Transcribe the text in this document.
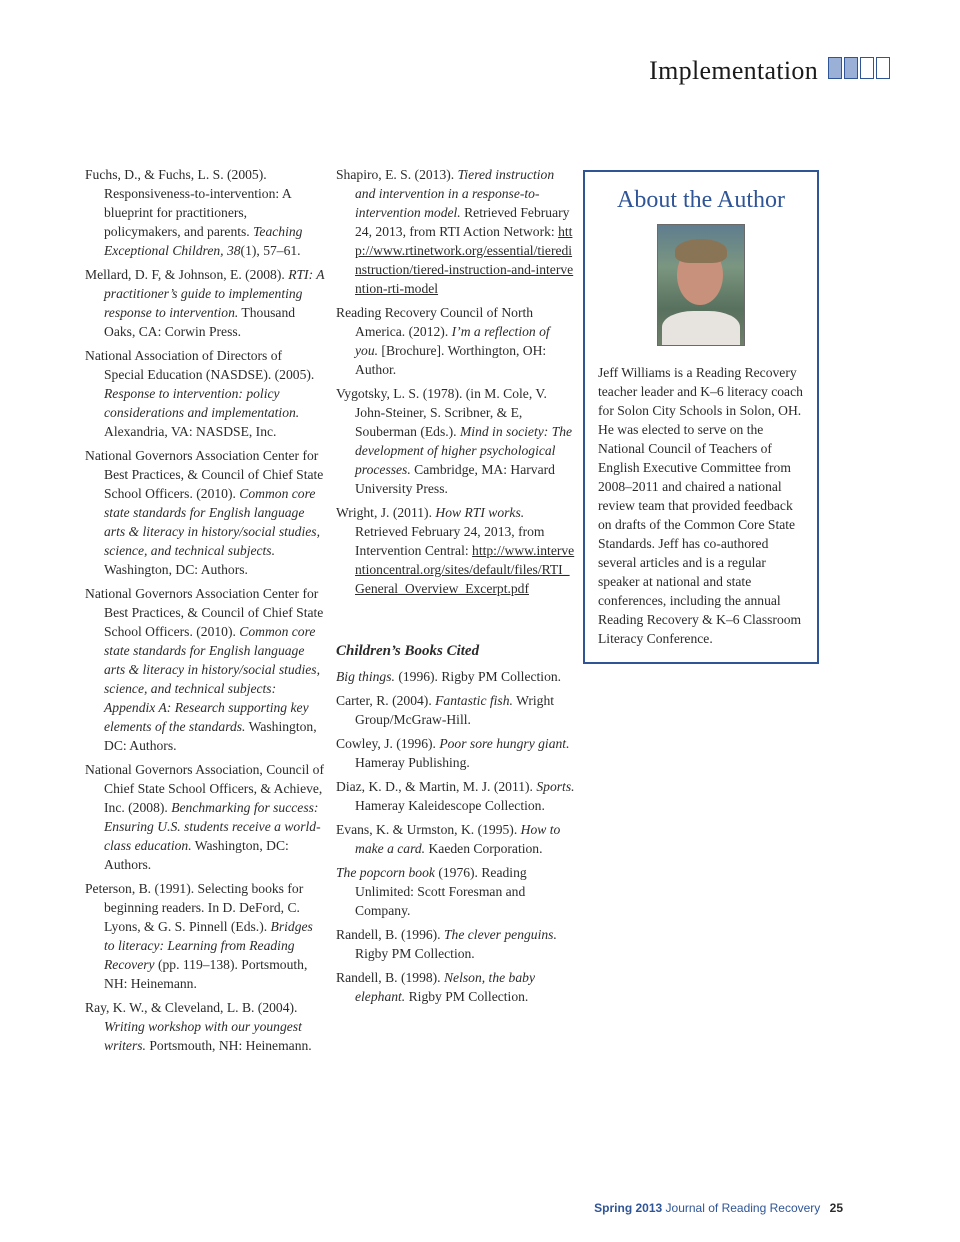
Implementation
Fuchs, D., & Fuchs, L. S. (2005). Responsiveness-to-intervention: A blueprint for practitioners, policymakers, and parents. Teaching Exceptional Children, 38(1), 57–61.
Mellard, D. F, & Johnson, E. (2008). RTI: A practitioner’s guide to implementing response to intervention. Thousand Oaks, CA: Corwin Press.
National Association of Directors of Special Education (NASDSE). (2005). Response to intervention: policy considerations and implementation. Alexandria, VA: NASDSE, Inc.
National Governors Association Center for Best Practices, & Council of Chief State School Officers. (2010). Common core state standards for English language arts & literacy in history/social studies, science, and technical subjects. Washington, DC: Authors.
National Governors Association Center for Best Practices, & Council of Chief State School Officers. (2010). Common core state standards for English language arts & literacy in history/social studies, science, and technical subjects: Appendix A: Research supporting key elements of the standards. Washington, DC: Authors.
National Governors Association, Council of Chief State School Officers, & Achieve, Inc. (2008). Benchmarking for success: Ensuring U.S. students receive a world-class education. Washington, DC: Authors.
Peterson, B. (1991). Selecting books for beginning readers. In D. DeFord, C. Lyons, & G. S. Pinnell (Eds.). Bridges to literacy: Learning from Reading Recovery (pp. 119–138). Portsmouth, NH: Heinemann.
Ray, K. W., & Cleveland, L. B. (2004). Writing workshop with our youngest writers. Portsmouth, NH: Heinemann.
Shapiro, E. S. (2013). Tiered instruction and intervention in a response-to-intervention model. Retrieved February 24, 2013, from RTI Action Network: http://www.rtinetwork.org/essential/tieredinstruction/tiered-instruction-and-intervention-rti-model
Reading Recovery Council of North America. (2012). I’m a reflection of you. [Brochure]. Worthington, OH: Author.
Vygotsky, L. S. (1978). (in M. Cole, V. John-Steiner, S. Scribner, & E, Souberman (Eds.). Mind in society: The development of higher psychological processes. Cambridge, MA: Harvard University Press.
Wright, J. (2011). How RTI works. Retrieved February 24, 2013, from Intervention Central: http://www.interventioncentral.org/sites/default/files/RTI_General_Overview_Excerpt.pdf
Children’s Books Cited
Big things. (1996). Rigby PM Collection.
Carter, R. (2004). Fantastic fish. Wright Group/McGraw-Hill.
Cowley, J. (1996). Poor sore hungry giant. Hameray Publishing.
Diaz, K. D., & Martin, M. J. (2011). Sports. Hameray Kaleidescope Collection.
Evans, K. & Urmston, K. (1995). How to make a card. Kaeden Corporation.
The popcorn book (1976). Reading Unlimited: Scott Foresman and Company.
Randell, B. (1996). The clever penguins. Rigby PM Collection.
Randell, B. (1998). Nelson, the baby elephant. Rigby PM Collection.
About the Author
Jeff Williams is a Reading Recovery teacher leader and K–6 literacy coach for Solon City Schools in Solon, OH. He was elected to serve on the National Council of Teachers of English Executive Committee from 2008–2011 and chaired a national review team that provided feedback on drafts of the Common Core State Standards. Jeff has co-authored several articles and is a regular speaker at national and state conferences, including the annual Reading Recovery & K–6 Classroom Literacy Conference.
Spring 2013 Journal of Reading Recovery 25
